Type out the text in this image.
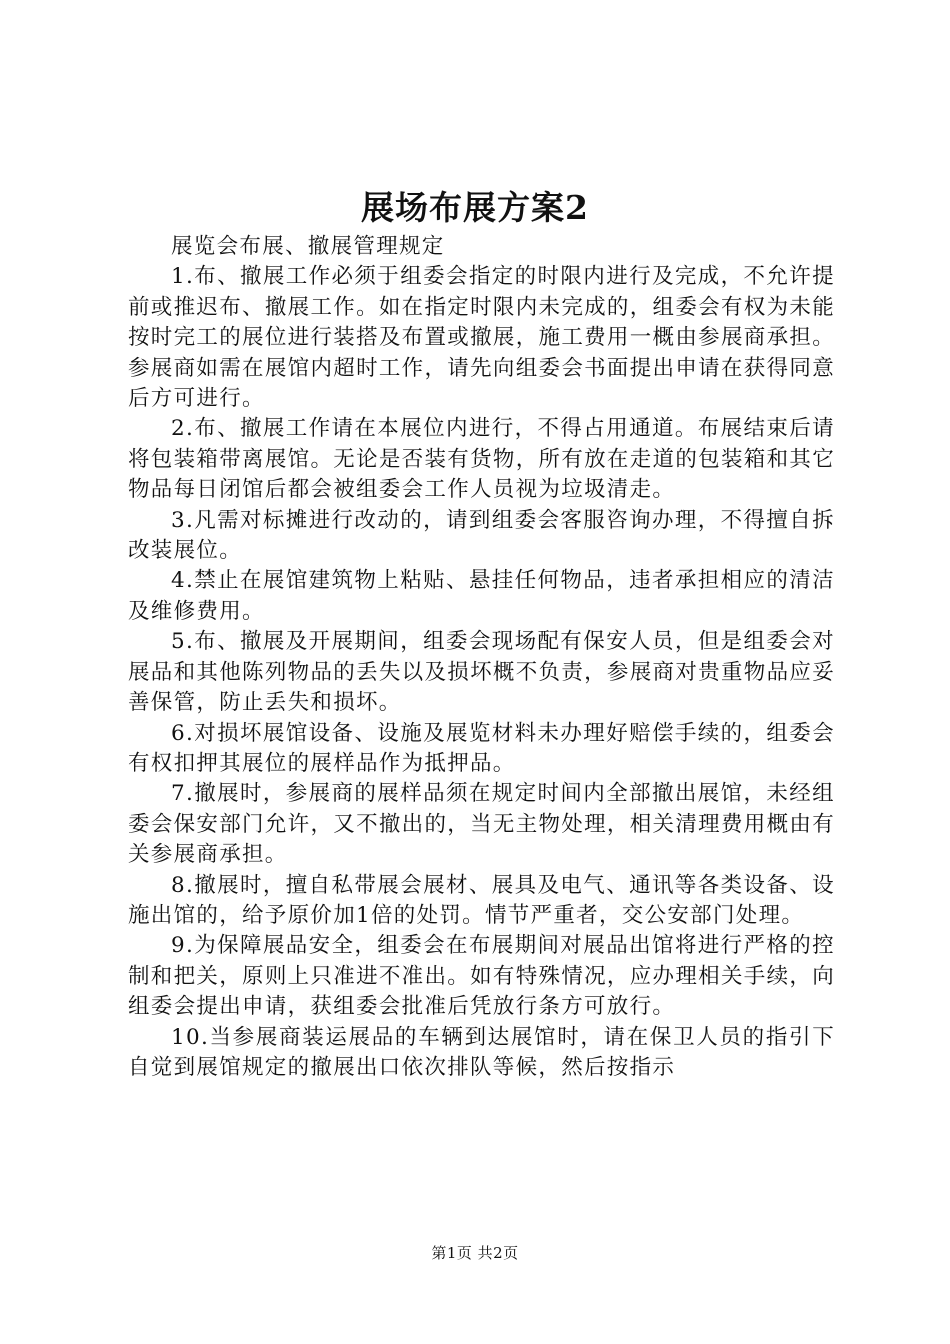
展场布展方案2

展览会布展、撤展管理规定

1.布、撤展工作必须于组委会指定的时限内进行及完成，不允许提前或推迟布、撤展工作。如在指定时限内未完成的，组委会有权为未能按时完工的展位进行装搭及布置或撤展，施工费用一概由参展商承担。参展商如需在展馆内超时工作，请先向组委会书面提出申请在获得同意后方可进行。

2.布、撤展工作请在本展位内进行，不得占用通道。布展结束后请将包装箱带离展馆。无论是否装有货物，所有放在走道的包装箱和其它物品每日闭馆后都会被组委会工作人员视为垃圾清走。

3.凡需对标摊进行改动的，请到组委会客服咨询办理，不得擅自拆改装展位。

4.禁止在展馆建筑物上粘贴、悬挂任何物品，违者承担相应的清洁及维修费用。

5.布、撤展及开展期间，组委会现场配有保安人员，但是组委会对展品和其他陈列物品的丢失以及损坏概不负责，参展商对贵重物品应妥善保管，防止丢失和损坏。

6.对损坏展馆设备、设施及展览材料未办理好赔偿手续的，组委会有权扣押其展位的展样品作为抵押品。

7.撤展时，参展商的展样品须在规定时间内全部撤出展馆，未经组委会保安部门允许，又不撤出的，当无主物处理，相关清理费用概由有关参展商承担。

8.撤展时，擅自私带展会展材、展具及电气、通讯等各类设备、设施出馆的，给予原价加1倍的处罚。情节严重者，交公安部门处理。

9.为保障展品安全，组委会在布展期间对展品出馆将进行严格的控制和把关，原则上只准进不准出。如有特殊情况，应办理相关手续，向组委会提出申请，获组委会批准后凭放行条方可放行。

10.当参展商装运展品的车辆到达展馆时，请在保卫人员的指引下自觉到展馆规定的撤展出口依次排队等候，然后按指示

第1页 共2页
